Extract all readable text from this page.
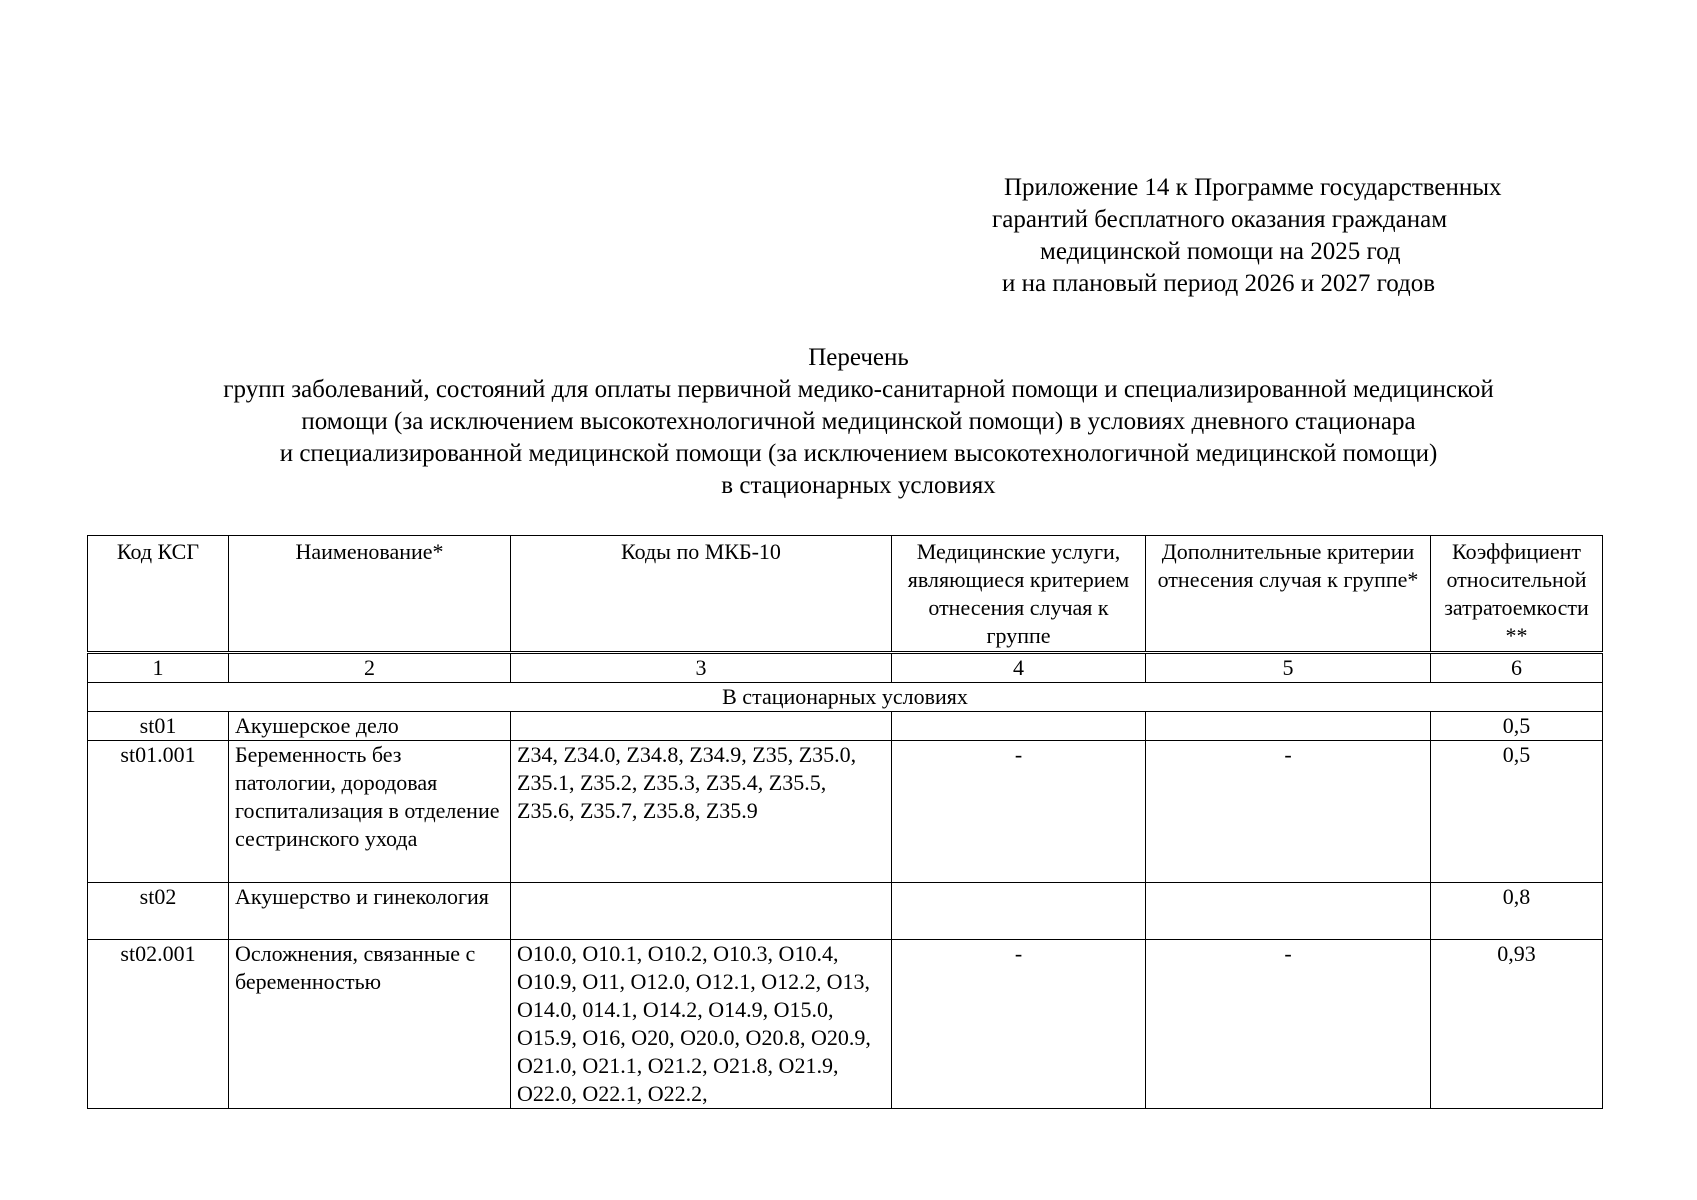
Приложение 14 к Программе государственных
гарантий бесплатного оказания гражданам
медицинской помощи на 2025 год
и на плановый период 2026 и 2027 годов
Перечень
групп заболеваний, состояний для оплаты первичной медико-санитарной помощи и специализированной медицинской
помощи (за исключением высокотехнологичной медицинской помощи) в условиях дневного стационара
и специализированной медицинской помощи (за исключением высокотехнологичной медицинской помощи)
в стационарных условиях
Код КСГ	Наименование*	Коды по МКБ-10	Медицинские услуги, являющиеся критерием отнесения случая к группе	Дополнительные критерии отнесения случая к группе*	Коэффициент относительной затратоемкости **
1	2	3	4	5	6
В стационарных условиях					
st01	Акушерское дело				0,5
st01.001	Беременность без патологии, дородовая госпитализация в отделение сестринского ухода	Z34, Z34.0, Z34.8, Z34.9, Z35, Z35.0, Z35.1, Z35.2, Z35.3, Z35.4, Z35.5, Z35.6, Z35.7, Z35.8, Z35.9	-	-	0,5
st02	Акушерство и гинекология				0,8
st02.001	Осложнения, связанные с беременностью	O10.0, O10.1, O10.2, O10.3, O10.4, O10.9, O11, O12.0, O12.1, O12.2, O13, O14.0, 014.1, O14.2, O14.9, O15.0, O15.9, O16, O20, O20.0, O20.8, O20.9, O21.0, O21.1, O21.2, O21.8, O21.9, O22.0, O22.1, O22.2,	-	-	0,93
